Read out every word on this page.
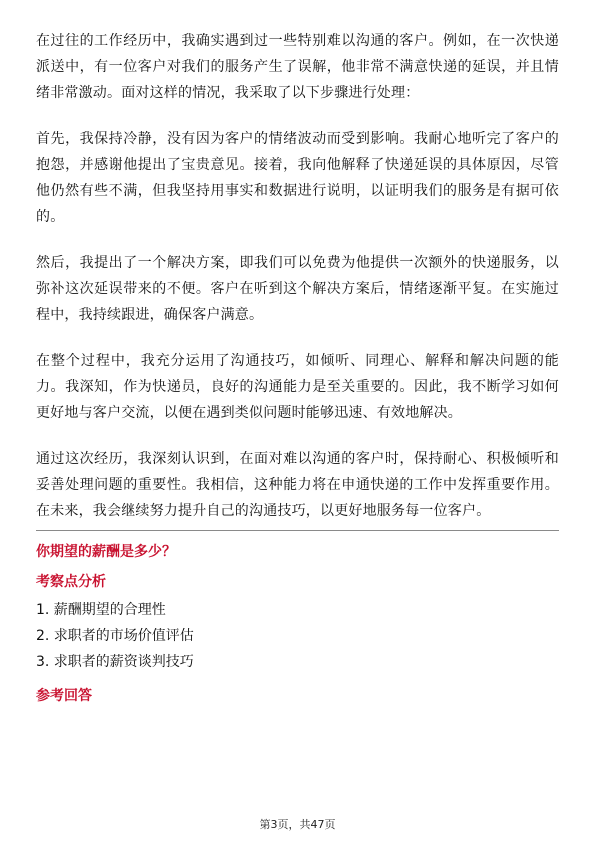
在过往的工作经历中，我确实遇到过一些特别难以沟通的客户。例如，在一次快递派送中，有一位客户对我们的服务产生了误解，他非常不满意快递的延误，并且情绪非常激动。面对这样的情况，我采取了以下步骤进行处理：

首先，我保持冷静，没有因为客户的情绪波动而受到影响。我耐心地听完了客户的抱怨，并感谢他提出了宝贵意见。接着，我向他解释了快递延误的具体原因，尽管他仍然有些不满，但我坚持用事实和数据进行说明，以证明我们的服务是有据可依的。

然后，我提出了一个解决方案，即我们可以免费为他提供一次额外的快递服务，以弥补这次延误带来的不便。客户在听到这个解决方案后，情绪逐渐平复。在实施过程中，我持续跟进，确保客户满意。

在整个过程中，我充分运用了沟通技巧，如倾听、同理心、解释和解决问题的能力。我深知，作为快递员，良好的沟通能力是至关重要的。因此，我不断学习如何更好地与客户交流，以便在遇到类似问题时能够迅速、有效地解决。

通过这次经历，我深刻认识到，在面对难以沟通的客户时，保持耐心、积极倾听和妥善处理问题的重要性。我相信，这种能力将在申通快递的工作中发挥重要作用。在未来，我会继续努力提升自己的沟通技巧，以更好地服务每一位客户。

你期望的薪酬是多少？
考察点分析
1. 薪酬期望的合理性
2. 求职者的市场价值评估
3. 求职者的薪资谈判技巧
参考回答
第3页，共47页
